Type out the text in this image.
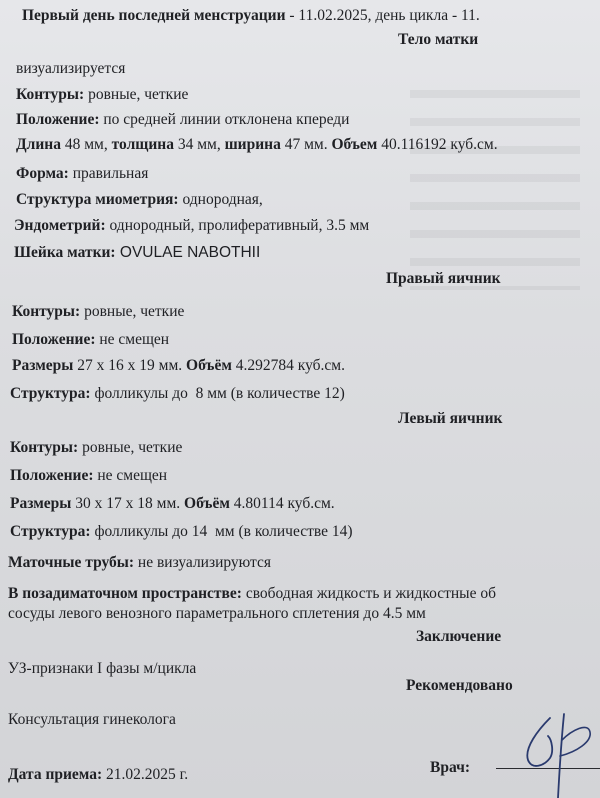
Первый день последней менструации - 11.02.2025, день цикла - 11.
Тело матки
визуализируется
Контуры: ровные, четкие
Положение: по средней линии отклонена кпереди
Длина 48 мм, толщина 34 мм, ширина 47 мм. Объем 40.116192 куб.см.
Форма: правильная
Структура миометрия: однородная,
Эндометрий: однородный, пролиферативный, 3.5 мм
Шейка матки: OVULAE NABOTHII
Правый яичник
Контуры: ровные, четкие
Положение: не смещен
Размеры 27 х 16 х 19 мм. Объём 4.292784 куб.см.
Структура: фолликулы до  8 мм (в количестве 12)
Левый яичник
Контуры: ровные, четкие
Положение: не смещен
Размеры 30 х 17 х 18 мм. Объём 4.80114 куб.см.
Структура: фолликулы до 14  мм (в количестве 14)
Маточные трубы: не визуализируются
В позадиматочном пространстве: свободная жидкость и жидкостные об
сосуды левого венозного параметрального сплетения до 4.5 мм
Заключение
УЗ-признаки I фазы м/цикла
Рекомендовано
Консультация гинеколога
Врач:
Дата приема: 21.02.2025 г.
